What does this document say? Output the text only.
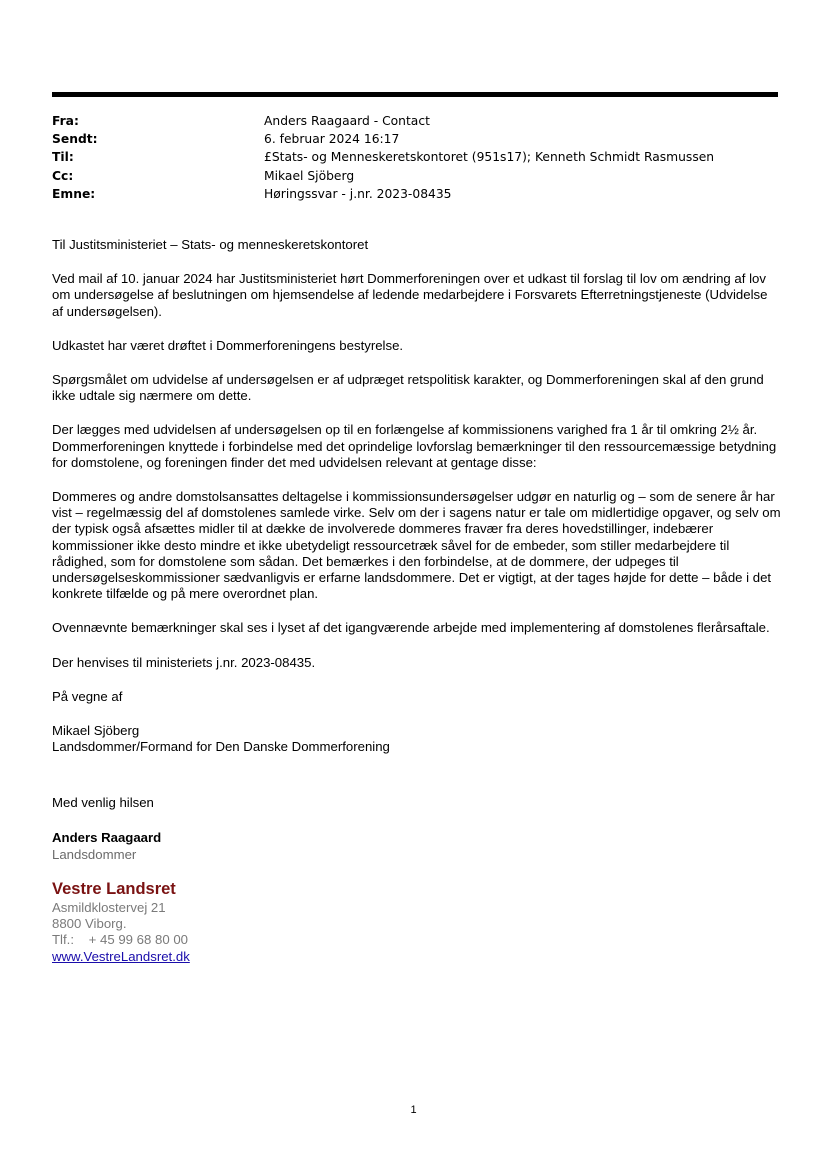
Fra:	Anders Raagaard - Contact
Sendt:	6. februar 2024 16:17
Til:	£Stats- og Menneskeretskontoret (951s17); Kenneth Schmidt Rasmussen
Cc:	Mikael Sjöberg
Emne:	Høringssvar - j.nr. 2023-08435

Til Justitsministeriet – Stats- og menneskeretskontoret

Ved mail af 10. januar 2024 har Justitsministeriet hørt Dommerforeningen over et udkast til forslag til lov om ændring af lov om undersøgelse af beslutningen om hjemsendelse af ledende medarbejdere i Forsvarets Efterretningstjeneste (Udvidelse af undersøgelsen).

Udkastet har været drøftet i Dommerforeningens bestyrelse.

Spørgsmålet om udvidelse af undersøgelsen er af udpræget retspolitisk karakter, og Dommerforeningen skal af den grund ikke udtale sig nærmere om dette.

Der lægges med udvidelsen af undersøgelsen op til en forlængelse af kommissionens varighed fra 1 år til omkring 2½ år. Dommerforeningen knyttede i forbindelse med det oprindelige lovforslag bemærkninger til den ressourcemæssige betydning for domstolene, og foreningen finder det med udvidelsen relevant at gentage disse:

Dommeres og andre domstolsansattes deltagelse i kommissionsundersøgelser udgør en naturlig og – som de senere år har vist – regelmæssig del af domstolenes samlede virke. Selv om der i sagens natur er tale om midlertidige opgaver, og selv om der typisk også afsættes midler til at dække de involverede dommeres fravær fra deres hovedstillinger, indebærer kommissioner ikke desto mindre et ikke ubetydeligt ressourcetræk såvel for de embeder, som stiller medarbejdere til rådighed, som for domstolene som sådan. Det bemærkes i den forbindelse, at de dommere, der udpeges til undersøgelseskommissioner sædvanligvis er erfarne landsdommere. Det er vigtigt, at der tages højde for dette – både i det konkrete tilfælde og på mere overordnet plan.

Ovennævnte bemærkninger skal ses i lyset af det igangværende arbejde med implementering af domstolenes flerårsaftale.

Der henvises til ministeriets j.nr. 2023-08435.

På vegne af

Mikael Sjöberg

Landsdommer/Formand for Den Danske Dommerforening

Med venlig hilsen
Anders Raagaard
Landsdommer
Vestre Landsret
Asmildklostervej 21
8800 Viborg.
Tlf.:    + 45 99 68 80 00
www.VestreLandsret.dk
1
